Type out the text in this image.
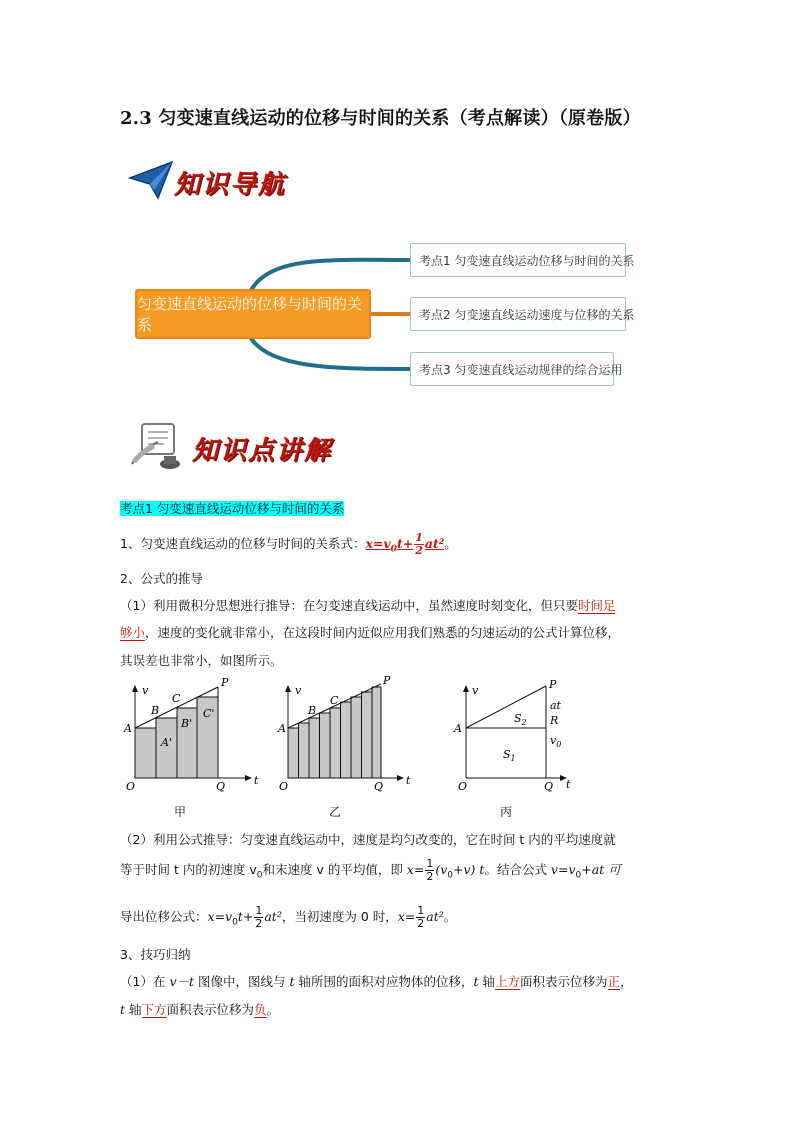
2.3 匀变速直线运动的位移与时间的关系（考点解读）（原卷版）
知识导航
匀变速直线运动的位移与时间的关系
考点1 匀变速直线运动位移与时间的关系
考点2 匀变速直线运动速度与位移的关系
考点3 匀变速直线运动规律的综合运用
知识点讲解
考点1 匀变速直线运动位移与时间的关系
1、匀变速直线运动的位移与时间的关系式：$x=v_0t+ \frac{1}{2} at^2$。
2、公式的推导
（1）利用微积分思想进行推导：在匀变速直线运动中，虽然速度时刻变化，但只要时间足
够小，速度的变化就非常小，在这段时间内近似应用我们熟悉的匀速运动的公式计算位移，
其误差也非常小，如图所示。
v
t
O
A
B
C
P
Q
A'
B'
C'
v
t
O
A
B
C
P
Q
v
t
O
A
P
Q
R
at
$v_0$
$S_1$
$S_2$
甲	乙	丙
（2）利用公式推导：匀变速直线运动中，速度是均匀改变的，它在时间 t 内的平均速度就
等于时间 t 内的初速度 $v_0$和末速度 v 的平均值，即 $x= \frac{1}{2} (v_0+v)$ t。结合公式 $v=v_0+at$ 可
导出位移公式：$x=v_0t+ \frac{1}{2} at^2$，当初速度为 0 时，$x= \frac{1}{2} at^2$。
3、技巧归纳
（1）在 v－t 图像中，图线与 t 轴所围的面积对应物体的位移，t 轴上方面积表示位移为正，
t 轴下方面积表示位移为负。
